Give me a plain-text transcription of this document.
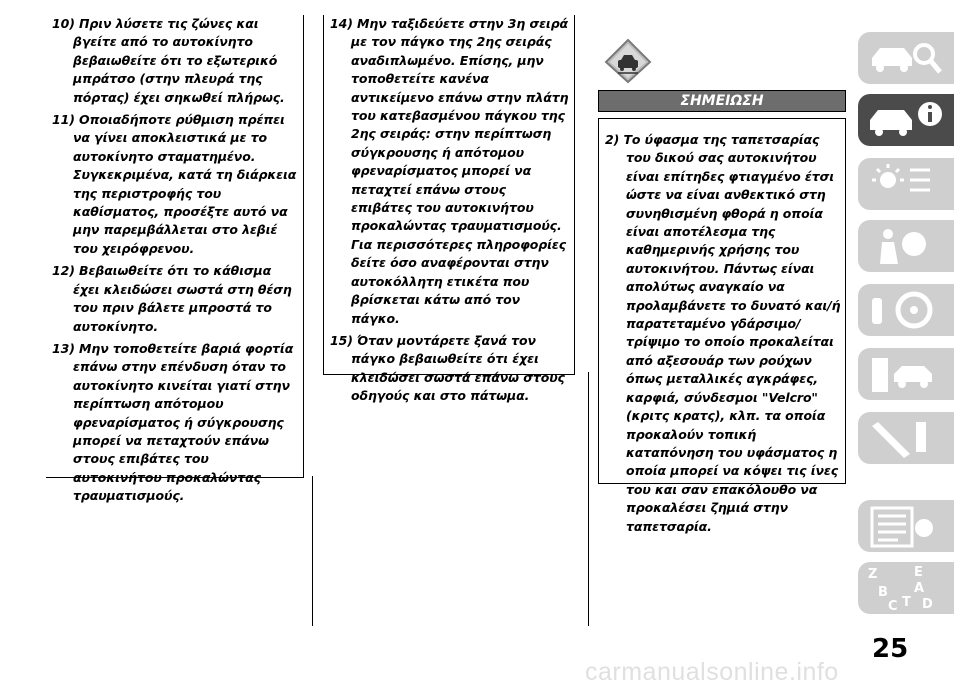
10) Πριν λύσετε τις ζώνες και βγείτε από το αυτοκίνητο βεβαιωθείτε ότι το εξωτερικό μπράτσο (στην πλευρά της πόρτας) έχει σηκωθεί πλήρως.

11) Οποιαδήποτε ρύθμιση πρέπει να γίνει αποκλειστικά με το αυτοκίνητο σταματημένο. Συγκεκριμένα, κατά τη διάρκεια της περιστροφής του καθίσματος, προσέξτε αυτό να μην παρεμβάλλεται στο λεβιέ του χειρόφρενου.

12) Βεβαιωθείτε ότι το κάθισμα έχει κλειδώσει σωστά στη θέση του πριν βάλετε μπροστά το αυτοκίνητο.

13) Μην τοποθετείτε βαριά φορτία επάνω στην επένδυση όταν το αυτοκίνητο κινείται γιατί στην περίπτωση απότομου φρεναρίσματος ή σύγκρουσης μπορεί να πεταχτούν επάνω στους επιβάτες του αυτοκινήτου προκαλώντας τραυματισμούς.

14) Μην ταξιδεύετε στην 3η σειρά με τον πάγκο της 2ης σειράς αναδιπλωμένο. Επίσης, μην τοποθετείτε κανένα αντικείμενο επάνω στην πλάτη του κατεβασμένου πάγκου της 2ης σειράς: στην περίπτωση σύγκρουσης ή απότομου φρεναρίσματος μπορεί να πεταχτεί επάνω στους επιβάτες του αυτοκινήτου προκαλώντας τραυματισμούς. Για περισσότερες πληροφορίες δείτε όσο αναφέρονται στην αυτοκόλλητη ετικέτα που βρίσκεται κάτω από τον πάγκο.

15) Όταν μοντάρετε ξανά τον πάγκο βεβαιωθείτε ότι έχει κλειδώσει σωστά επάνω στους οδηγούς και στο πάτωμα.

ΣΗΜΕΙΩΣΗ

2) Το ύφασμα της ταπετσαρίας του δικού σας αυτοκινήτου είναι επίτηδες φτιαγμένο έτσι ώστε να είναι ανθεκτικό στη συνηθισμένη φθορά η οποία είναι αποτέλεσμα της καθημερινής χρήσης του αυτοκινήτου. Πάντως είναι απολύτως αναγκαίο να προλαμβάνετε το δυνατό και/ή παρατεταμένο γδάρσιμο/τρίψιμο το οποίο προκαλείται από αξεσουάρ των ρούχων όπως μεταλλικές αγκράφες, καρφιά, σύνδεσμοι "Velcro" (κριτς κρατς), κλπ. τα οποία προκαλούν τοπική καταπόνηση του υφάσματος η οποία μπορεί να κόψει τις ίνες του και σαν επακόλουθο να προκαλέσει ζημιά στην ταπετσαρία.

Z	E
B
C T
A
D
25
carmanualsonline.info
